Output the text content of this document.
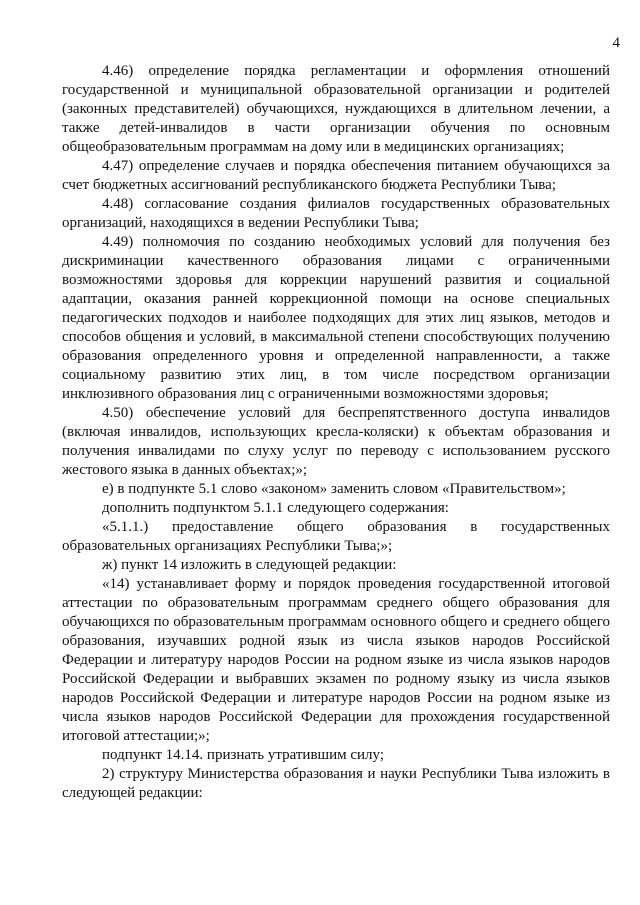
4

4.46) определение порядка регламентации и оформления отношений государственной и муниципальной образовательной организации и родителей (законных представителей) обучающихся, нуждающихся в длительном лечении, а также детей-инвалидов в части организации обучения по основным общеобразовательным программам на дому или в медицинских организациях;

4.47) определение случаев и порядка обеспечения питанием обучающихся за счет бюджетных ассигнований республиканского бюджета Республики Тыва;

4.48) согласование создания филиалов государственных образовательных организаций, находящихся в ведении Республики Тыва;

4.49) полномочия по созданию необходимых условий для получения без дискриминации качественного образования лицами с ограниченными возможностями здоровья для коррекции нарушений развития и социальной адаптации, оказания ранней коррекционной помощи на основе специальных педагогических подходов и наиболее подходящих для этих лиц языков, методов и способов общения и условий, в максимальной степени способствующих получению образования определенного уровня и определенной направленности, а также социальному развитию этих лиц, в том числе посредством организации инклюзивного образования лиц с ограниченными возможностями здоровья;

4.50) обеспечение условий для беспрепятственного доступа инвалидов (включая инвалидов, использующих кресла-коляски) к объектам образования и получения инвалидами по слуху услуг по переводу с использованием русского жестового языка в данных объектах;»;

е) в подпункте 5.1 слово «законом» заменить словом «Правительством»;

дополнить подпунктом 5.1.1 следующего содержания:

«5.1.1.) предоставление общего образования в государственных образовательных организациях Республики Тыва;»;

ж) пункт 14 изложить в следующей редакции:

«14) устанавливает форму и порядок проведения государственной итоговой аттестации по образовательным программам среднего общего образования для обучающихся по образовательным программам основного общего и среднего общего образования, изучавших родной язык из числа языков народов Российской Федерации и литературу народов России на родном языке из числа языков народов Российской Федерации и выбравших экзамен по родному языку из числа языков народов Российской Федерации и литературе народов России на родном языке из числа языков народов Российской Федерации для прохождения государственной итоговой аттестации;»;

подпункт 14.14. признать утратившим силу;

2) структуру Министерства образования и науки Республики Тыва изложить в следующей редакции:
